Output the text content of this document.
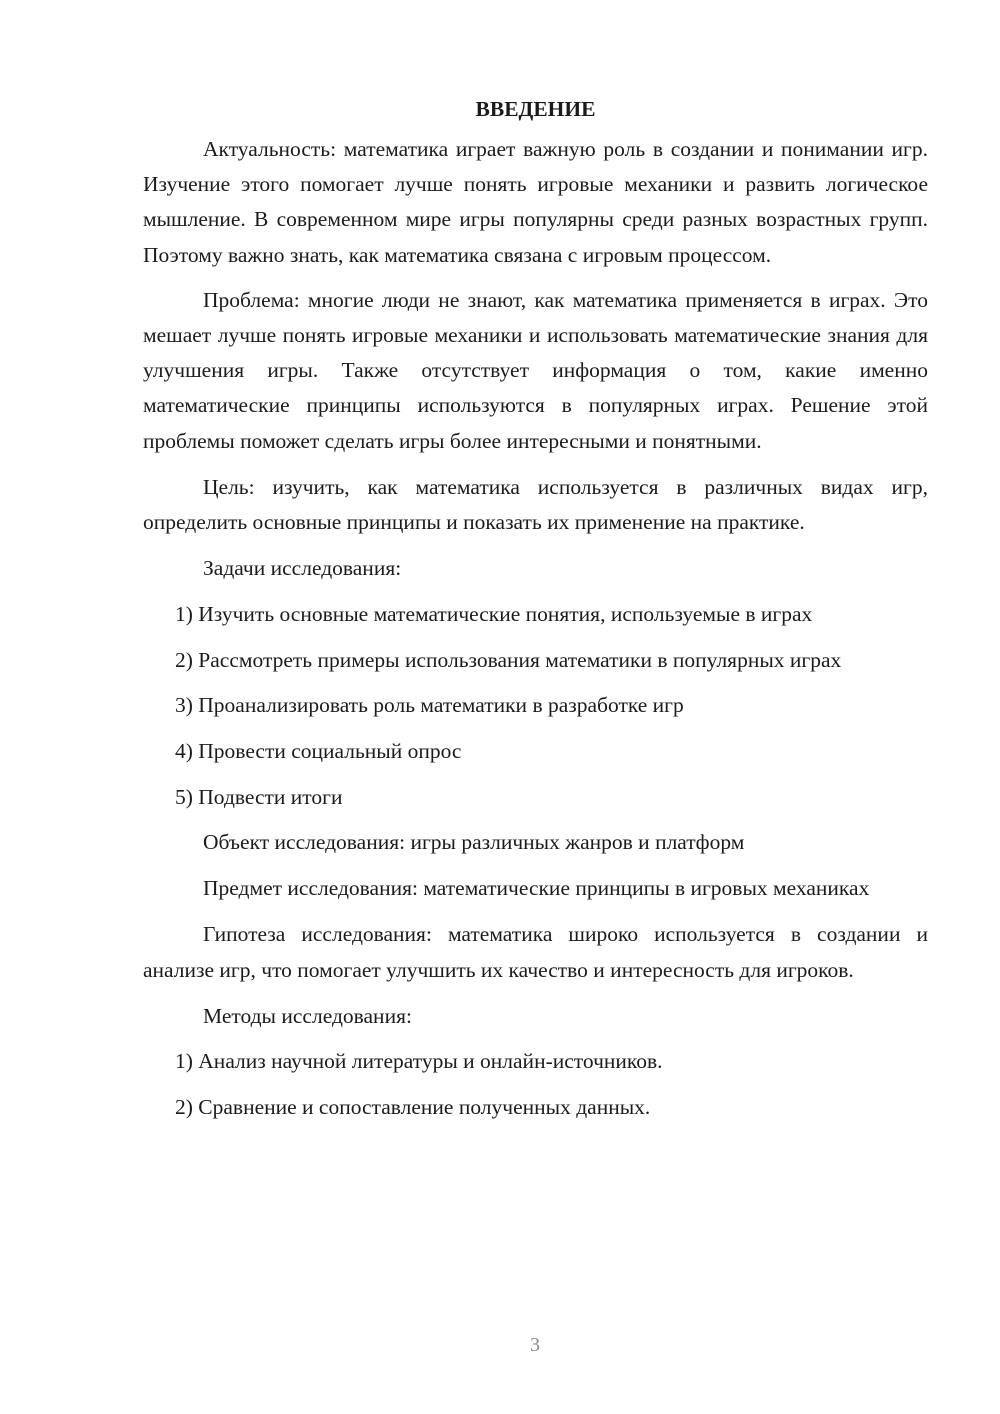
ВВЕДЕНИЕ

Актуальность: математика играет важную роль в создании и понимании игр. Изучение этого помогает лучше понять игровые механики и развить логическое мышление. В современном мире игры популярны среди разных возрастных групп. Поэтому важно знать, как математика связана с игровым процессом.

Проблема: многие люди не знают, как математика применяется в играх. Это мешает лучше понять игровые механики и использовать математические знания для улучшения игры. Также отсутствует информация о том, какие именно математические принципы используются в популярных играх. Решение этой проблемы поможет сделать игры более интересными и понятными.

Цель: изучить, как математика используется в различных видах игр, определить основные принципы и показать их применение на практике.

Задачи исследования:

1) Изучить основные математические понятия, используемые в играх

2) Рассмотреть примеры использования математики в популярных играх

3) Проанализировать роль математики в разработке игр

4) Провести социальный опрос

5) Подвести итоги

Объект исследования: игры различных жанров и платформ

Предмет исследования: математические принципы в игровых механиках

Гипотеза исследования: математика широко используется в создании и анализе игр, что помогает улучшить их качество и интересность для игроков.

Методы исследования:

1) Анализ научной литературы и онлайн-источников.

2) Сравнение и сопоставление полученных данных.

3
